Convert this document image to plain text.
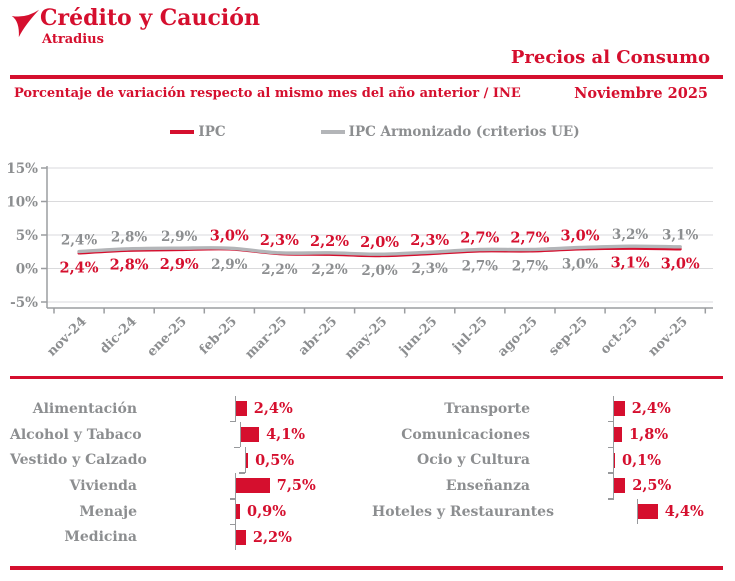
Crédito y Caución
Atradius
Precios al Consumo
Porcentaje de variación respecto al mismo mes del año anterior / INE	Noviembre 2025
IPC	IPC Armonizado (criterios UE)
15%
10%
5%
0%
-5%
2,4%
2,4%
2,8%
2,8%
2,9%
2,9%
3,0%
2,9%
2,3%
2,2%
2,2%
2,2%
2,0%
2,0%
2,3%
2,3%
2,7%
2,7%
2,7%
2,7%
3,0%
3,0%
3,2%
3,1%
3,1%
3,0%
nov-24 dic-24 ene-25 feb-25 mar-25 abr-25 may-25 jun-25 jul-25 ago-25 sep-25 oct-25 nov-25
Alimentación	2,4%
Alcohol y Tabaco	4,1%
Vestido y Calzado	0,5%
Vivienda	7,5%
Menaje	0,9%
Medicina	2,2%
Transporte	2,4%
Comunicaciones	1,8%
Ocio y Cultura	0,1%
Enseñanza	2,5%
Hoteles y Restaurantes	4,4%
